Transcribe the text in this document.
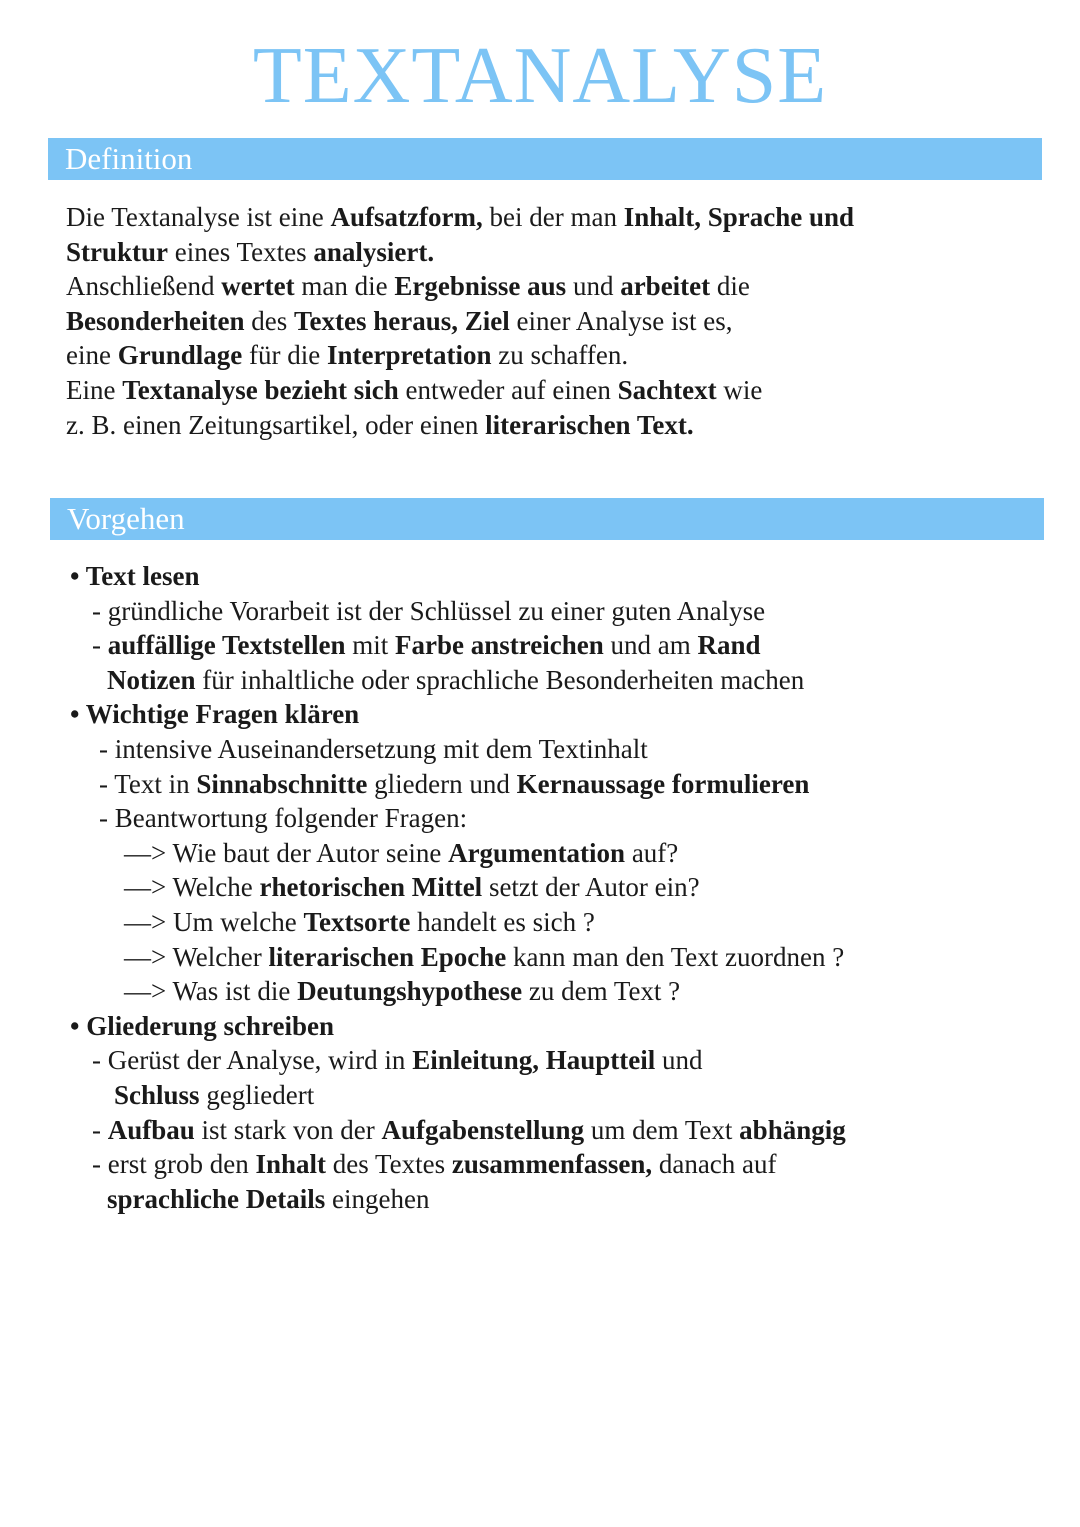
TEXTANALYSE
Definition
Die Textanalyse ist eine Aufsatzform, bei der man Inhalt, Sprache und
Struktur eines Textes analysiert.
Anschließend wertet man die Ergebnisse aus und arbeitet die
Besonderheiten des Textes heraus, Ziel einer Analyse ist es,
eine Grundlage für die Interpretation zu schaffen.
Eine Textanalyse bezieht sich entweder auf einen Sachtext wie
z. B. einen Zeitungsartikel, oder einen literarischen Text.
Vorgehen
• Text lesen
- gründliche Vorarbeit ist der Schlüssel zu einer guten Analyse
- auffällige Textstellen mit Farbe anstreichen und am Rand
Notizen für inhaltliche oder sprachliche Besonderheiten machen
• Wichtige Fragen klären
- intensive Auseinandersetzung mit dem Textinhalt
- Text in Sinnabschnitte gliedern und Kernaussage formulieren
- Beantwortung folgender Fragen:
—> Wie baut der Autor seine Argumentation auf?
—> Welche rhetorischen Mittel setzt der Autor ein?
—> Um welche Textsorte handelt es sich ?
—> Welcher literarischen Epoche kann man den Text zuordnen ?
—> Was ist die Deutungshypothese zu dem Text ?
• Gliederung schreiben
- Gerüst der Analyse, wird in Einleitung, Hauptteil und
Schluss gegliedert
- Aufbau ist stark von der Aufgabenstellung um dem Text abhängig
- erst grob den Inhalt des Textes zusammenfassen, danach auf
sprachliche Details eingehen
